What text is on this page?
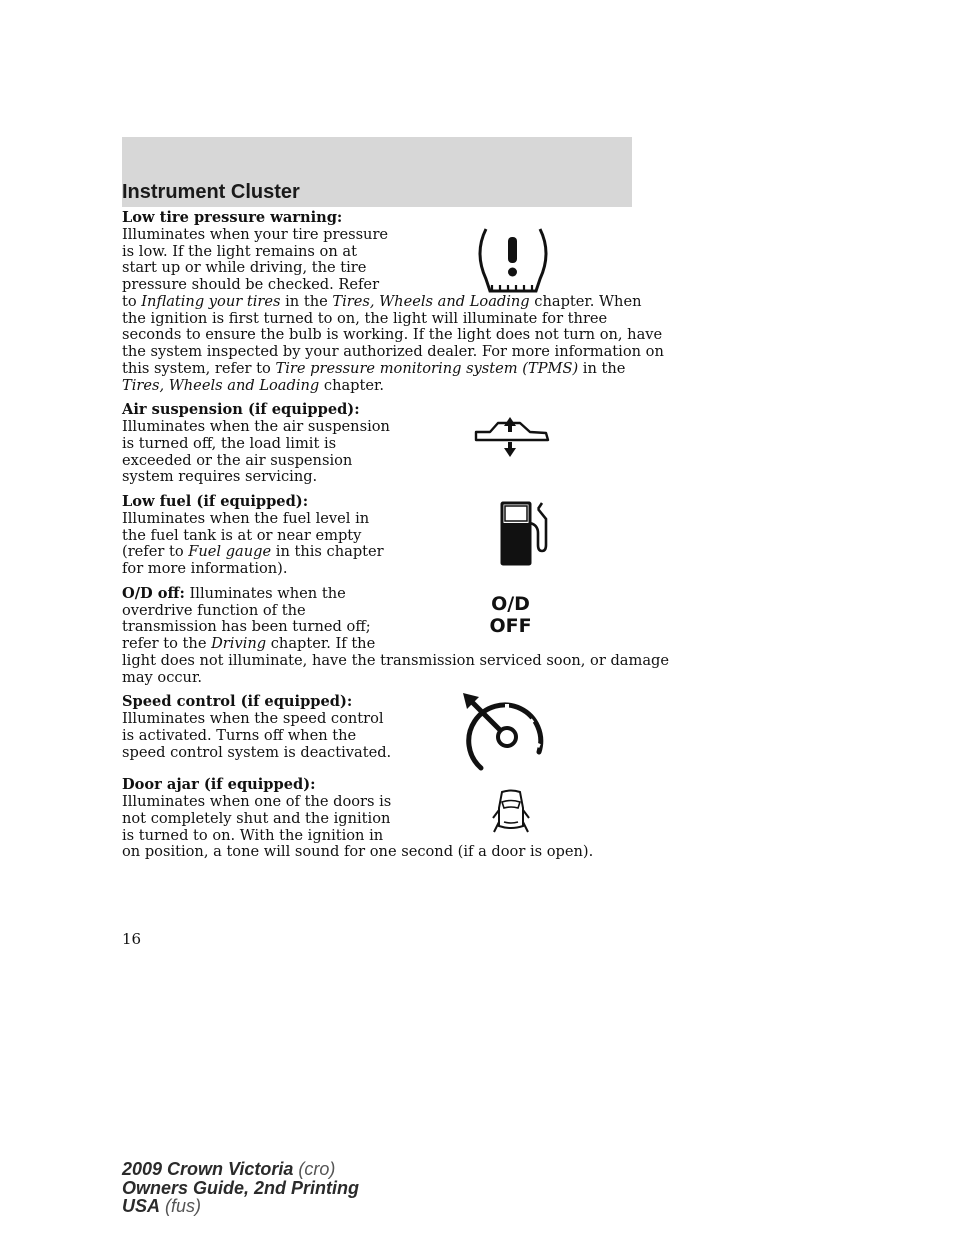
Instrument Cluster
Low tire pressure warning:
Illuminates when your tire pressure
is low. If the light remains on at
start up or while driving, the tire
pressure should be checked. Refer
to Inflating your tires in the Tires, Wheels and Loading chapter. When
the ignition is first turned to on, the light will illuminate for three
seconds to ensure the bulb is working. If the light does not turn on, have
the system inspected by your authorized dealer. For more information on
this system, refer to Tire pressure monitoring system (TPMS) in the
Tires, Wheels and Loading chapter.
Air suspension (if equipped):
Illuminates when the air suspension
is turned off, the load limit is
exceeded or the air suspension
system requires servicing.
Low fuel (if equipped):
Illuminates when the fuel level in
the fuel tank is at or near empty
(refer to Fuel gauge in this chapter
for more information).
O/D off: Illuminates when the
overdrive function of the
transmission has been turned off;
refer to the Driving chapter. If the
light does not illuminate, have the transmission serviced soon, or damage
may occur.
Speed control (if equipped):
Illuminates when the speed control
is activated. Turns off when the
speed control system is deactivated.
Door ajar (if equipped):
Illuminates when one of the doors is
not completely shut and the ignition
is turned to on. With the ignition in
on position, a tone will sound for one second (if a door is open).
O/D
OFF
16
2009 Crown Victoria (cro)
Owners Guide, 2nd Printing
USA (fus)
